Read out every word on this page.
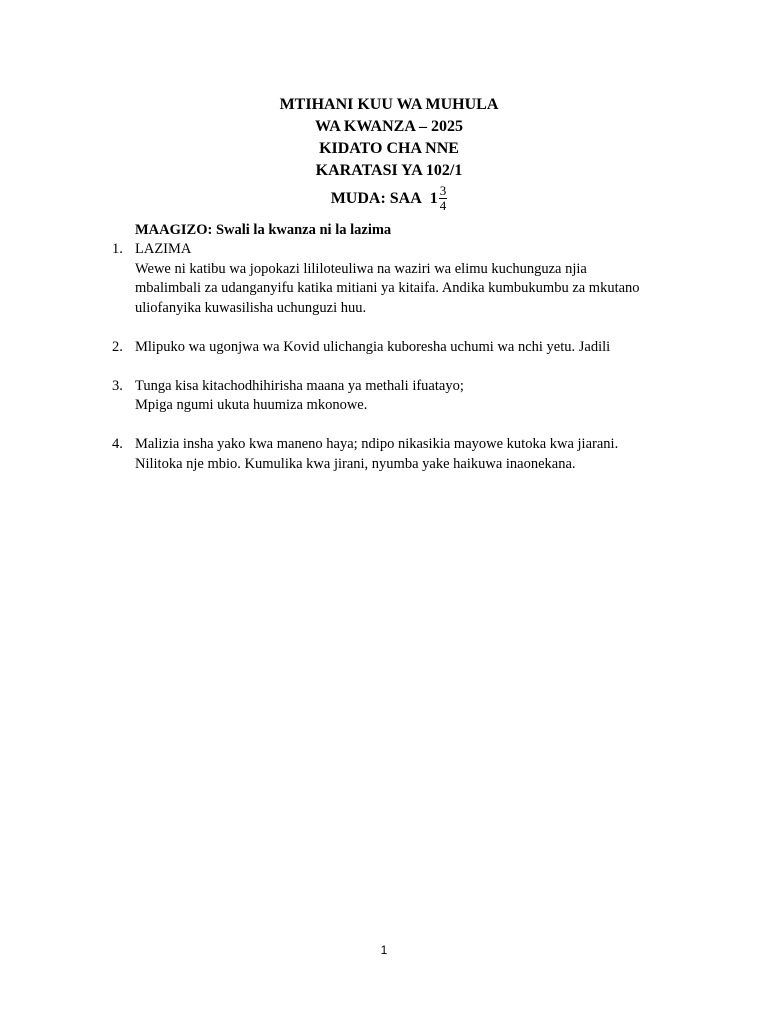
MTIHANI KUU WA MUHULA
WA KWANZA – 2025
KIDATO CHA NNE
KARATASI YA 102/1
MUDA: SAA $1 \frac{3}{4}$
MAAGIZO: Swali la kwanza ni la lazima
1. LAZIMA
Wewe ni katibu wa jopokazi lililoteuliwa na waziri wa elimu kuchunguza njia
mbalimbali za udanganyifu katika mitiani ya kitaifa. Andika kumbukumbu za mkutano
uliofanyika kuwasilisha uchunguzi huu.
2. Mlipuko wa ugonjwa wa Kovid ulichangia kuboresha uchumi wa nchi yetu. Jadili
3. Tunga kisa kitachodhihirisha maana ya methali ifuatayo;
Mpiga ngumi ukuta huumiza mkonowe.
4. Malizia insha yako kwa maneno haya; ndipo nikasikia mayowe kutoka kwa jiarani.
Nilitoka nje mbio. Kumulika kwa jirani, nyumba yake haikuwa inaonekana.
1
